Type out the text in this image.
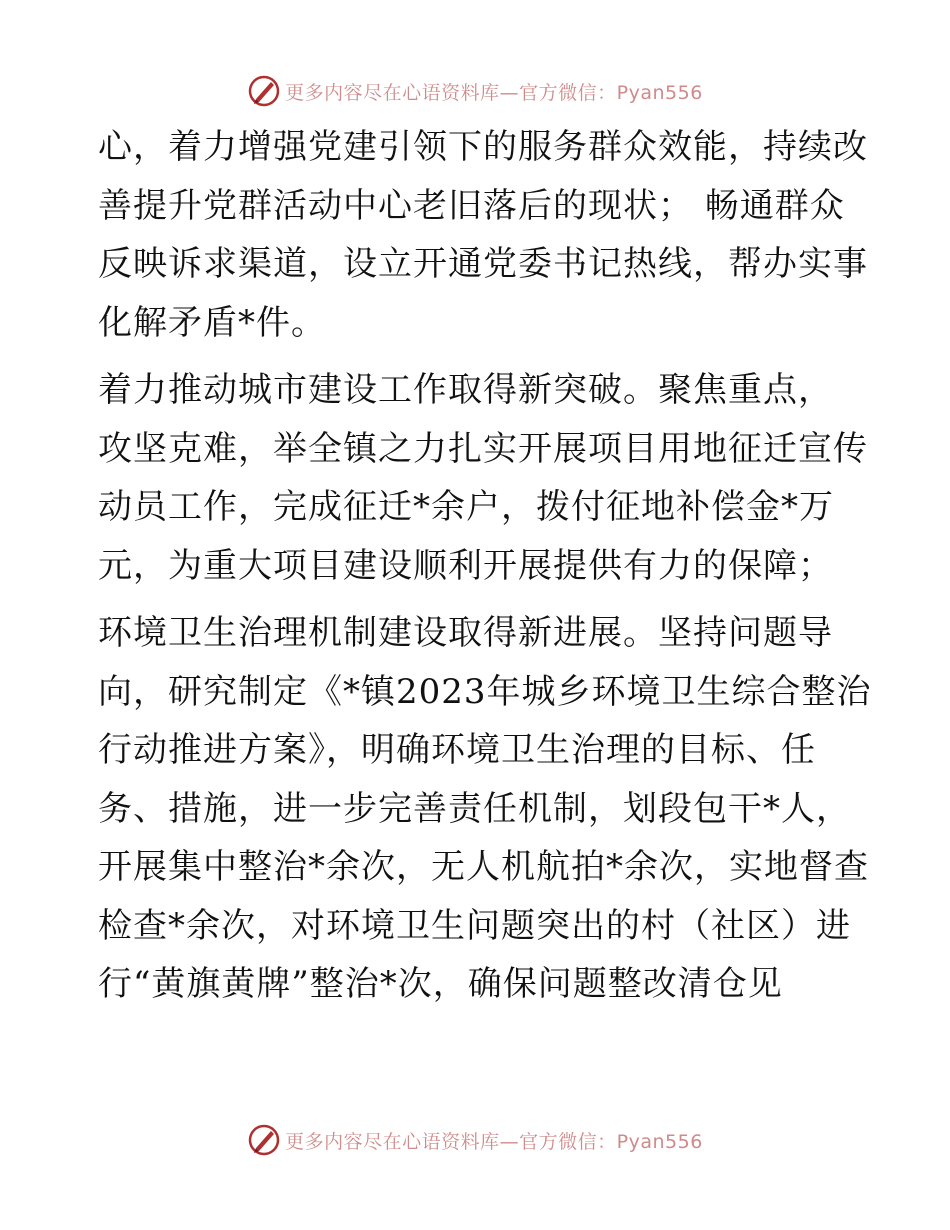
更多内容尽在心语资料库—官方微信：Pyan556

心，着力增强党建引领下的服务群众效能，持续改
善提升党群活动中心老旧落后的现状； 畅通群众
反映诉求渠道，设立开通党委书记热线，帮办实事
化解矛盾*件。

着力推动城市建设工作取得新突破。聚焦重点，
攻坚克难，举全镇之力扎实开展项目用地征迁宣传
动员工作，完成征迁*余户，拨付征地补偿金*万
元，为重大项目建设顺利开展提供有力的保障；

环境卫生治理机制建设取得新进展。坚持问题导
向，研究制定《*镇2023年城乡环境卫生综合整治
行动推进方案》，明确环境卫生治理的目标、任
务、措施，进一步完善责任机制，划段包干*人，
开展集中整治*余次，无人机航拍*余次，实地督查
检查*余次，对环境卫生问题突出的村（社区）进
行“黄旗黄牌”整治*次，确保问题整改清仓见

更多内容尽在心语资料库—官方微信：Pyan556
